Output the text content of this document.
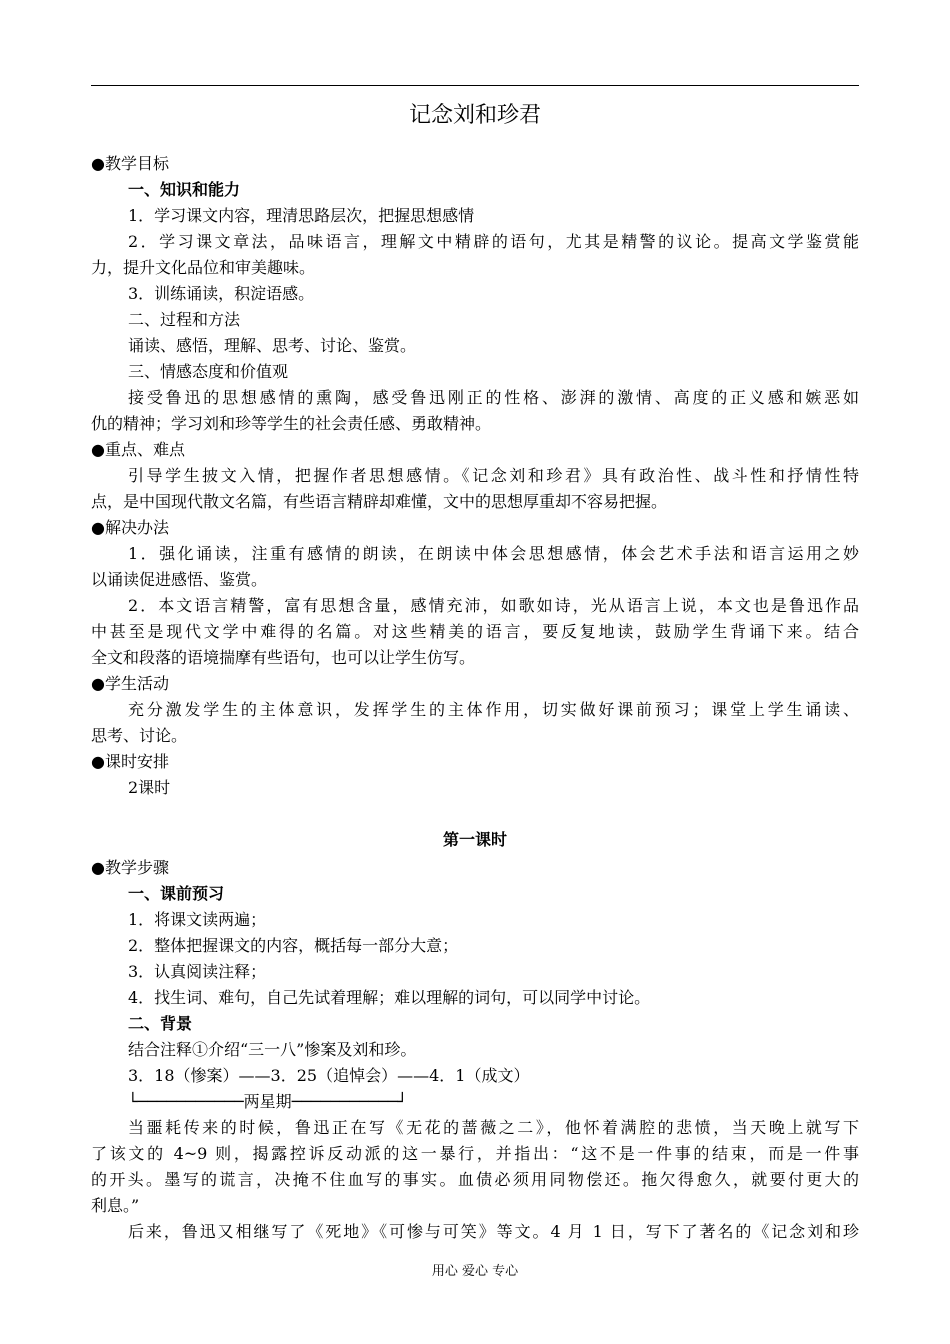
记念刘和珍君
●教学目标
一、知识和能力
1．学习课文内容，理清思路层次，把握思想感情
2．学习课文章法，品味语言，理解文中精辟的语句，尤其是精警的议论。提高文学鉴赏能
力，提升文化品位和审美趣味。
3．训练诵读，积淀语感。
二、过程和方法
诵读、感悟，理解、思考、讨论、鉴赏。
三、情感态度和价值观
接受鲁迅的思想感情的熏陶，感受鲁迅刚正的性格、澎湃的激情、高度的正义感和嫉恶如
仇的精神；学习刘和珍等学生的社会责任感、勇敢精神。
●重点、难点
引导学生披文入情，把握作者思想感情。《记念刘和珍君》具有政治性、战斗性和抒情性特
点，是中国现代散文名篇，有些语言精辟却难懂，文中的思想厚重却不容易把握。
●解决办法
1．强化诵读，注重有感情的朗读，在朗读中体会思想感情，体会艺术手法和语言运用之妙
以诵读促进感悟、鉴赏。
2．本文语言精警，富有思想含量，感情充沛，如歌如诗，光从语言上说，本文也是鲁迅作品
中甚至是现代文学中难得的名篇。对这些精美的语言，要反复地读，鼓励学生背诵下来。结合
全文和段落的语境揣摩有些语句，也可以让学生仿写。
●学生活动
充分激发学生的主体意识，发挥学生的主体作用，切实做好课前预习；课堂上学生诵读、
思考、讨论。
●课时安排
2课时
第一课时
●教学步骤
一、课前预习
1．将课文读两遍；
2．整体把握课文的内容，概括每一部分大意；
3．认真阅读注释；
4．找生词、难句，自己先试着理解；难以理解的词句，可以同学中讨论。
二、背景
结合注释①介绍“三一八”惨案及刘和珍。
3．18（惨案）——3．25（追悼会）——4．1（成文）
└───────────两星期───────────┘
当噩耗传来的时候，鲁迅正在写《无花的蔷薇之二》，他怀着满腔的悲愤，当天晚上就写下
了该文的 4~9 则，揭露控诉反动派的这一暴行，并指出：“这不是一件事的结束，而是一件事
的开头。墨写的谎言，决掩不住血写的事实。血债必须用同物偿还。拖欠得愈久，就要付更大的
利息。”
后来，鲁迅又相继写了《死地》《可惨与可笑》等文。4 月 1 日，写下了著名的《记念刘和珍
用心 爱心 专心
